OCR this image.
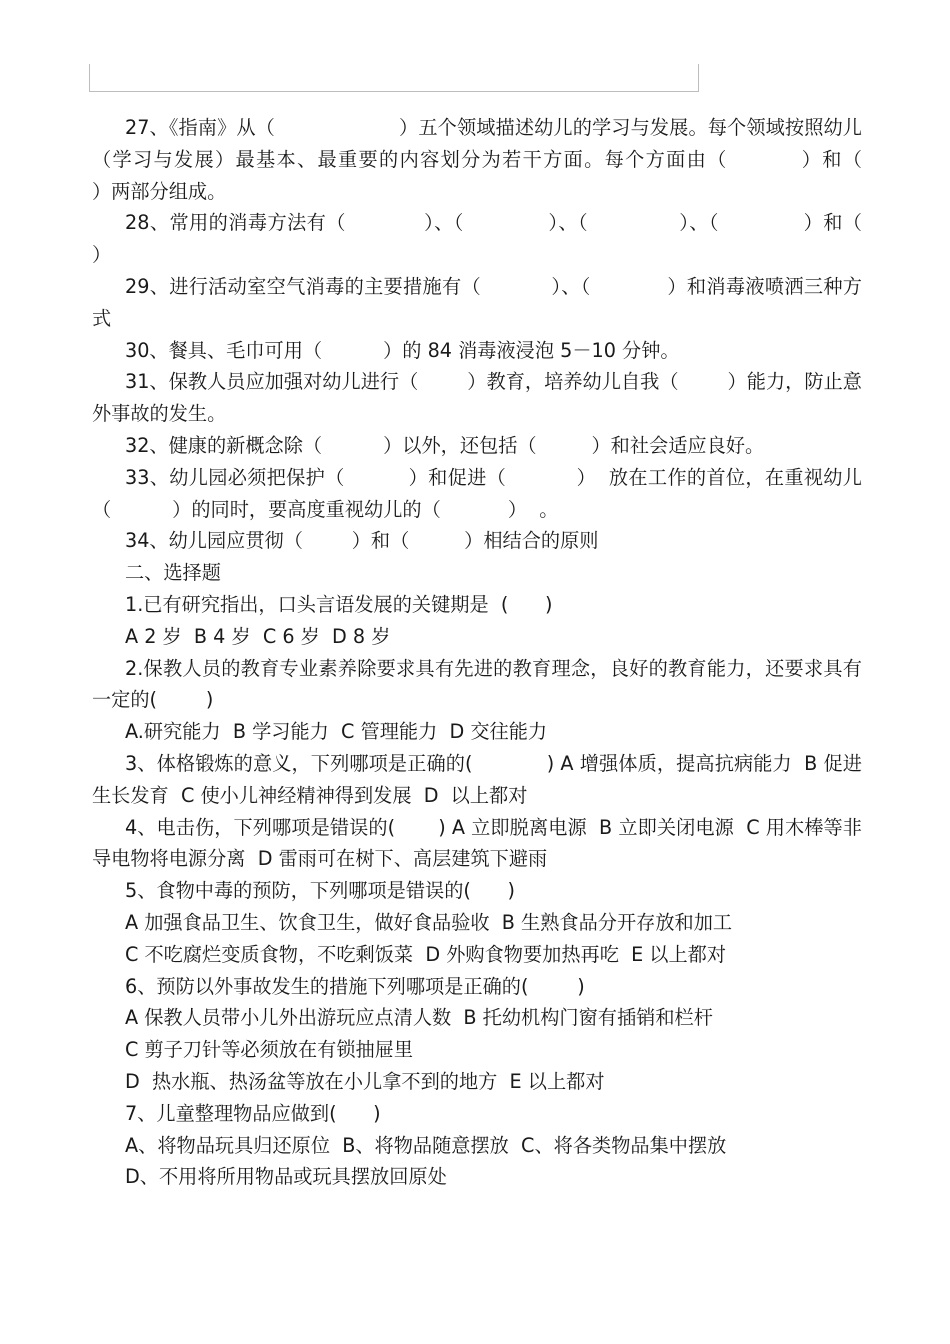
27、《指南》从（                    ）五个领域描述幼儿的学习与发展。每个领域按照幼儿（学习与发展）最基本、最重要的内容划分为若干方面。每个方面由（          ）和（            ）两部分组成。

28、常用的消毒方法有（            ）、（             ）、（              ）、（             ）和（             ）

29、进行活动室空气消毒的主要措施有（           ）、（            ）和消毒液喷洒三种方式

30、餐具、毛巾可用（          ）的 84 消毒液浸泡 5－10 分钟。

31、保教人员应加强对幼儿进行（        ）教育，培养幼儿自我（        ）能力，防止意外事故的发生。

32、健康的新概念除（          ）以外，还包括（         ）和社会适应良好。

33、幼儿园必须把保护（          ）和促进（           ）  放在工作的首位，在重视幼儿（          ）的同时，要高度重视幼儿的（           ）  。

34、幼儿园应贯彻（        ）和（         ）相结合的原则

二、选择题

1.已有研究指出，口头言语发展的关键期是  (      )

A 2 岁  B 4 岁  C 6 岁  D 8 岁

2.保教人员的教育专业素养除要求具有先进的教育理念，良好的教育能力，还要求具有一定的(        )

A.研究能力  B 学习能力  C 管理能力  D 交往能力

3、体格锻炼的意义，下列哪项是正确的(            ) A 增强体质，提高抗病能力  B 促进生长发育  C 使小儿神经精神得到发展  D  以上都对

4、电击伤，下列哪项是错误的(       ) A 立即脱离电源  B 立即关闭电源  C 用木棒等非导电物将电源分离  D 雷雨可在树下、高层建筑下避雨

5、食物中毒的预防，下列哪项是错误的(      )

A 加强食品卫生、饮食卫生，做好食品验收  B 生熟食品分开存放和加工

C 不吃腐烂变质食物，不吃剩饭菜  D 外购食物要加热再吃  E 以上都对

6、预防以外事故发生的措施下列哪项是正确的(        )

A 保教人员带小儿外出游玩应点清人数  B 托幼机构门窗有插销和栏杆

C 剪子刀针等必须放在有锁抽屉里

D  热水瓶、热汤盆等放在小儿拿不到的地方  E 以上都对

7、儿童整理物品应做到(      )

A、将物品玩具归还原位  B、将物品随意摆放  C、将各类物品集中摆放

D、不用将所用物品或玩具摆放回原处
